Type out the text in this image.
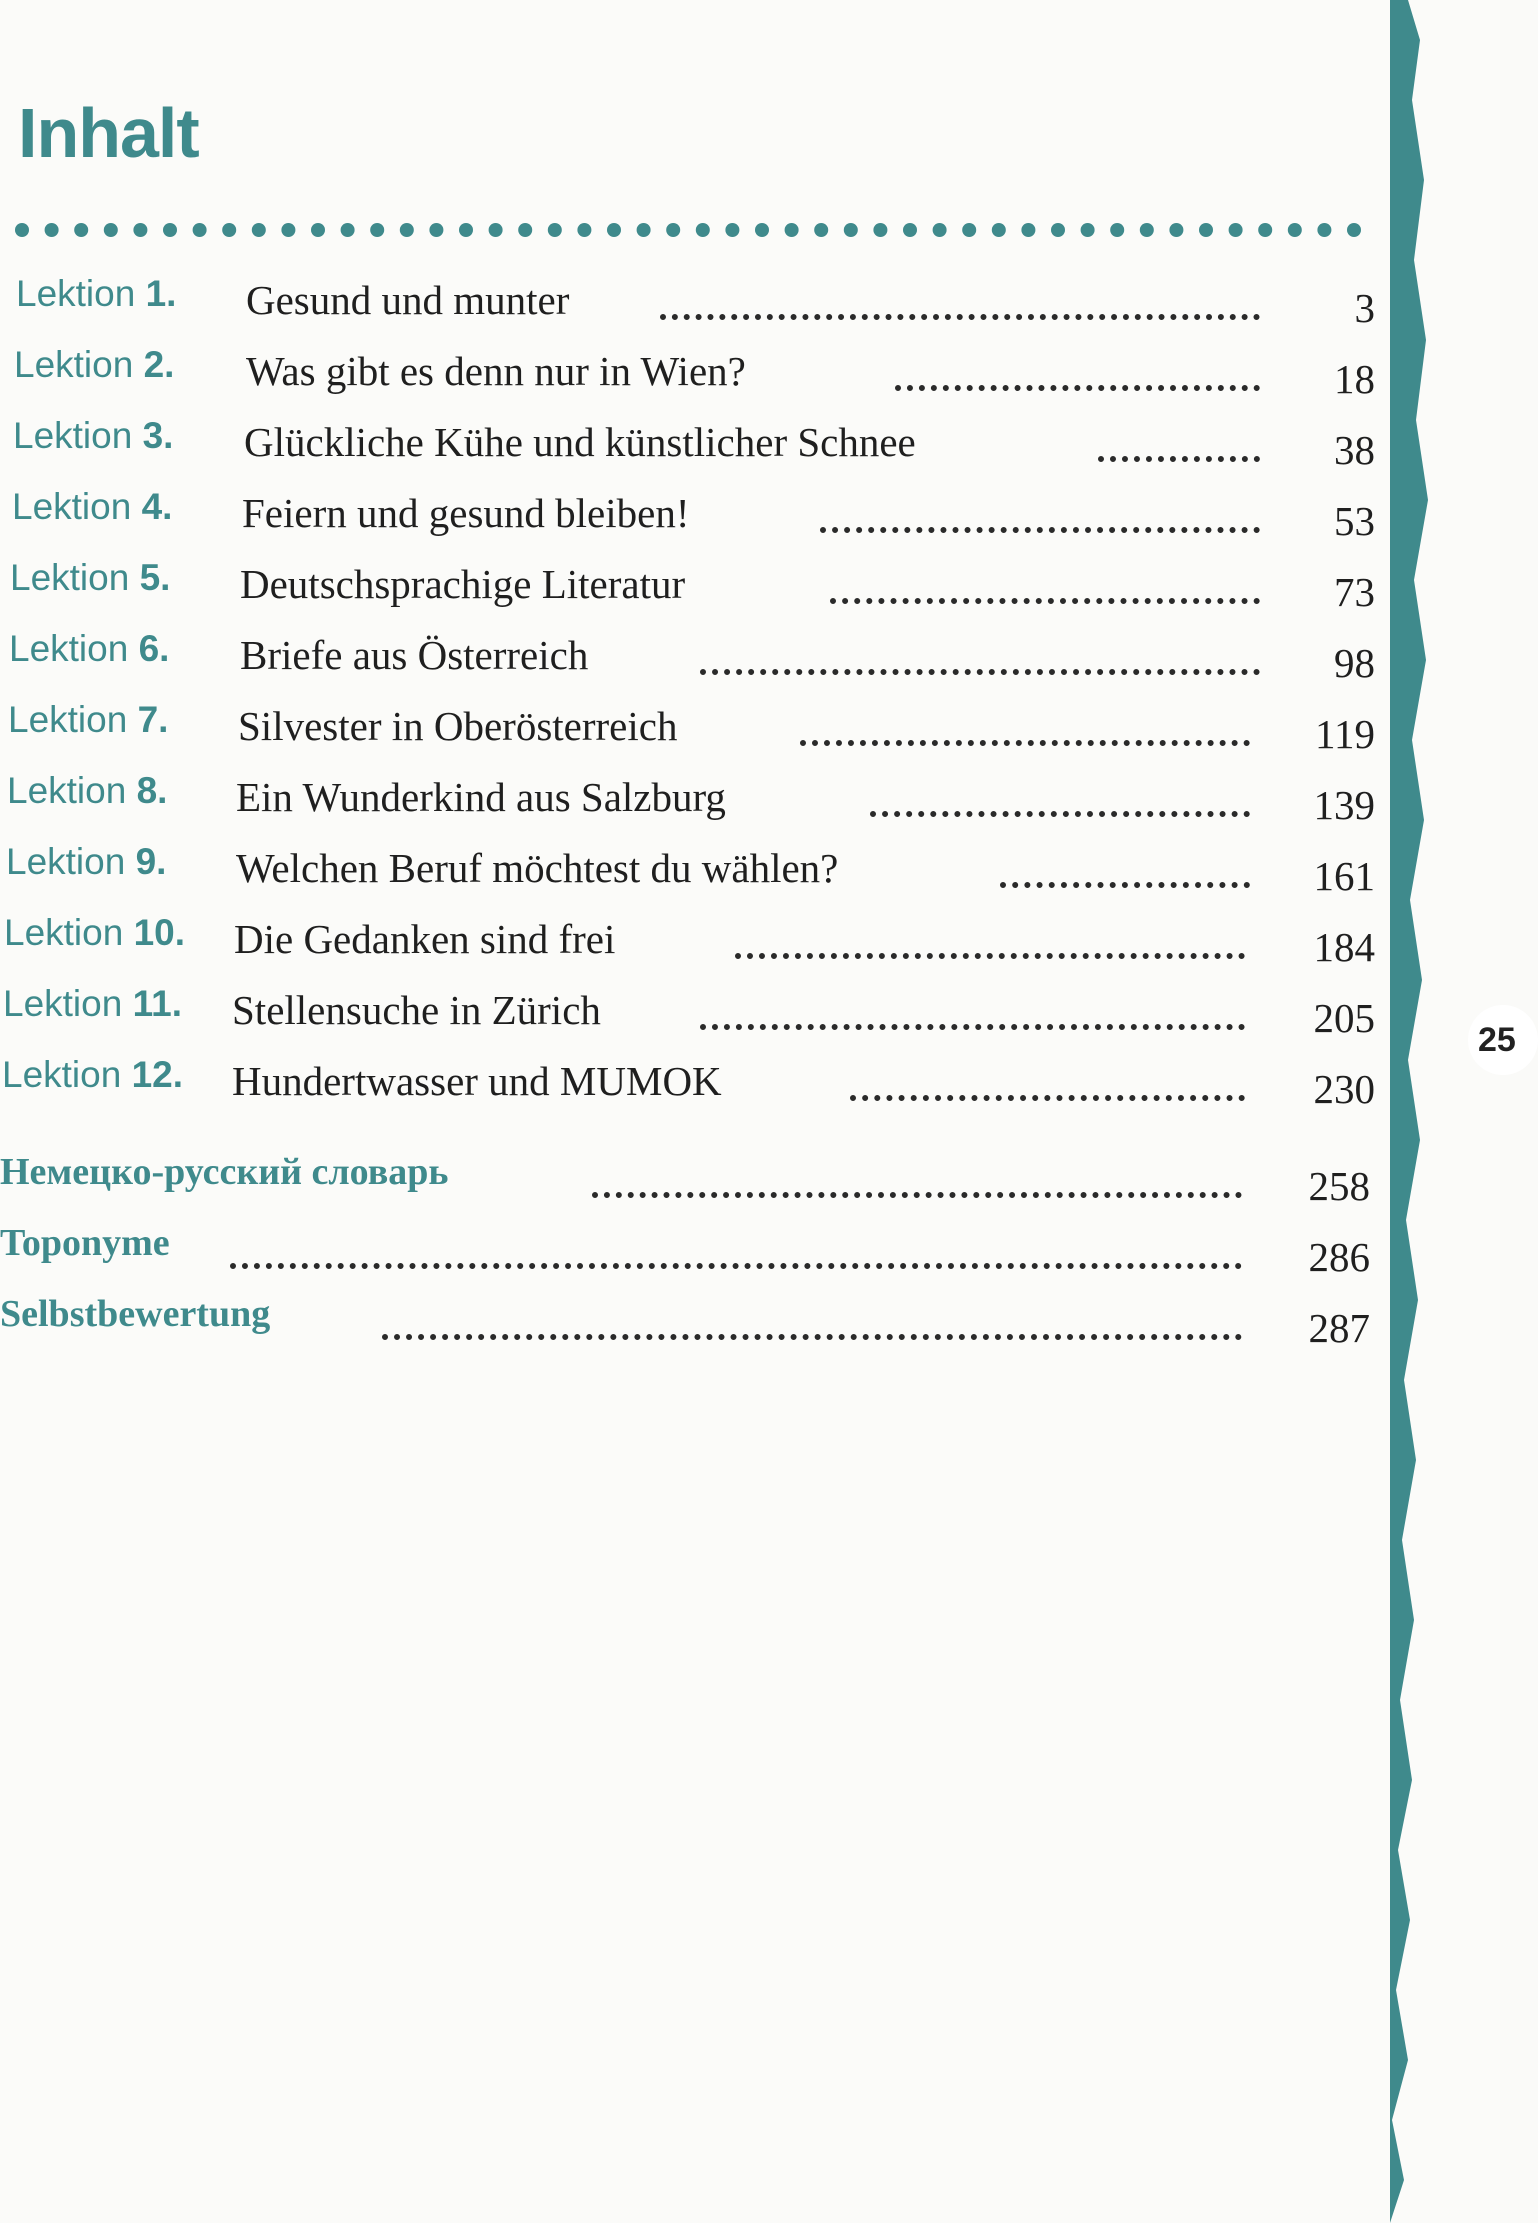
25
Inhalt
Lektion 1. Gesund und munter	3
Lektion 2. Was gibt es denn nur in Wien?	18
Lektion 3. Glückliche Kühe und künstlicher Schnee	38
Lektion 4. Feiern und gesund bleiben!	53
Lektion 5. Deutschsprachige Literatur	73
Lektion 6. Briefe aus Österreich	98
Lektion 7. Silvester in Oberösterreich	119
Lektion 8. Ein Wunderkind aus Salzburg	139
Lektion 9. Welchen Beruf möchtest du wählen?	161
Lektion 10. Die Gedanken sind frei	184
Lektion 11. Stellensuche in Zürich	205
Lektion 12. Hundertwasser und MUMOK	230
Немецко-русский словарь	258
Toponyme	286
Selbstbewertung	287
